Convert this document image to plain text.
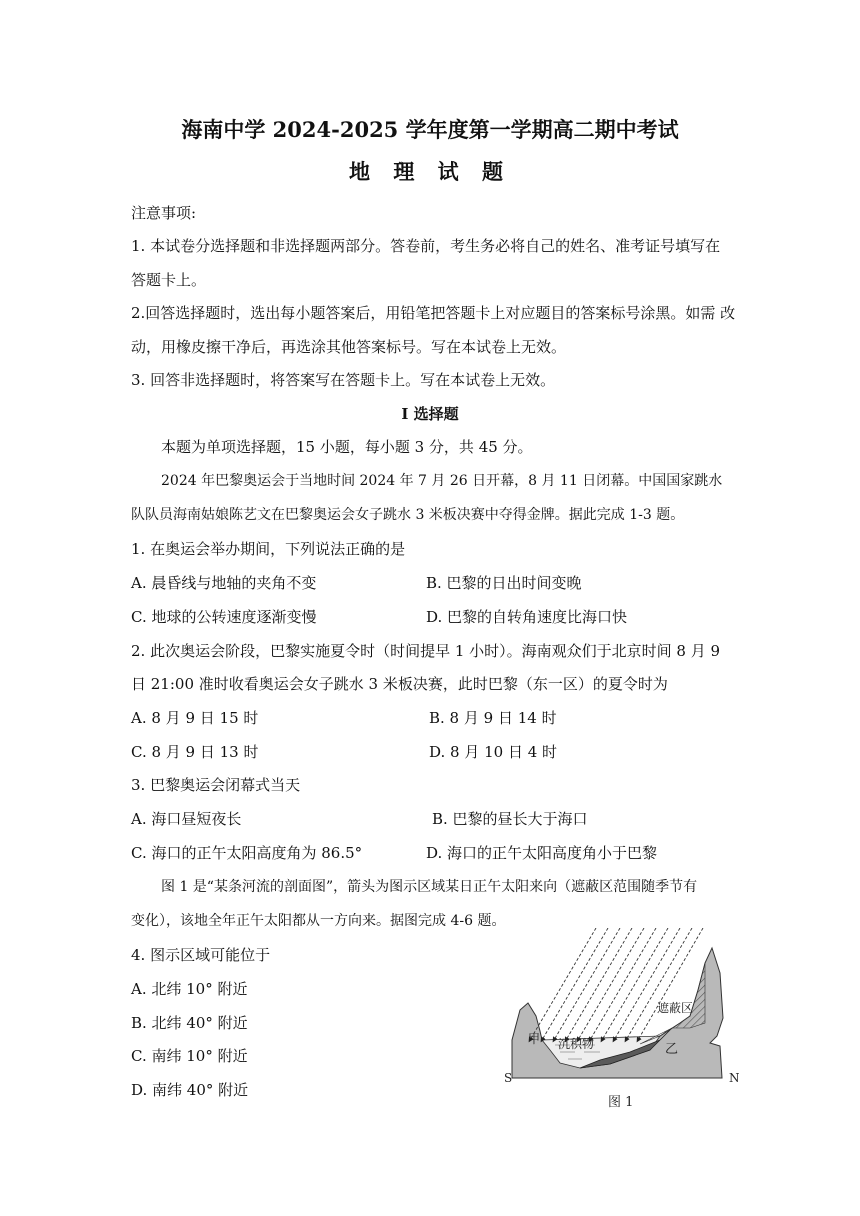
海南中学 2024-2025 学年度第一学期高二期中考试
地 理 试 题
注意事项:
1. 本试卷分选择题和非选择题两部分。答卷前，考生务必将自己的姓名、准考证号填写在
答题卡上。
2.回答选择题时，选出每小题答案后，用铅笔把答题卡上对应题目的答案标号涂黑。如需 改
动，用橡皮擦干净后，再选涂其他答案标号。写在本试卷上无效。
3. 回答非选择题时，将答案写在答题卡上。写在本试卷上无效。
Ⅰ 选择题
本题为单项选择题，15 小题，每小题 3 分，共 45 分。
2024 年巴黎奥运会于当地时间 2024 年 7 月 26 日开幕，8 月 11 日闭幕。中国国家跳水
队队员海南姑娘陈艺文在巴黎奥运会女子跳水 3 米板决赛中夺得金牌。据此完成 1-3 题。
1. 在奥运会举办期间，下列说法正确的是
A. 晨昏线与地轴的夹角不变	B. 巴黎的日出时间变晚
C. 地球的公转速度逐渐变慢	D. 巴黎的自转角速度比海口快
2. 此次奥运会阶段，巴黎实施夏令时（时间提早 1 小时）。海南观众们于北京时间 8 月 9
日 21:00 准时收看奥运会女子跳水 3 米板决赛，此时巴黎（东一区）的夏令时为
A. 8 月 9 日 15 时	B. 8 月 9 日 14 时
C. 8 月 9 日 13 时	D. 8 月 10 日 4 时
3. 巴黎奥运会闭幕式当天
A. 海口昼短夜长	B. 巴黎的昼长大于海口
C. 海口的正午太阳高度角为 86.5°	D. 海口的正午太阳高度角小于巴黎
图 1 是“某条河流的剖面图”，箭头为图示区域某日正午太阳来向（遮蔽区范围随季节有
变化），该地全年正午太阳都从一方向来。据图完成 4-6 题。
4. 图示区域可能位于
A. 北纬 10° 附近
B. 北纬 40° 附近
C. 南纬 10° 附近
D. 南纬 40° 附近
遮蔽区
沉积物
甲
乙
S	N
图 1
